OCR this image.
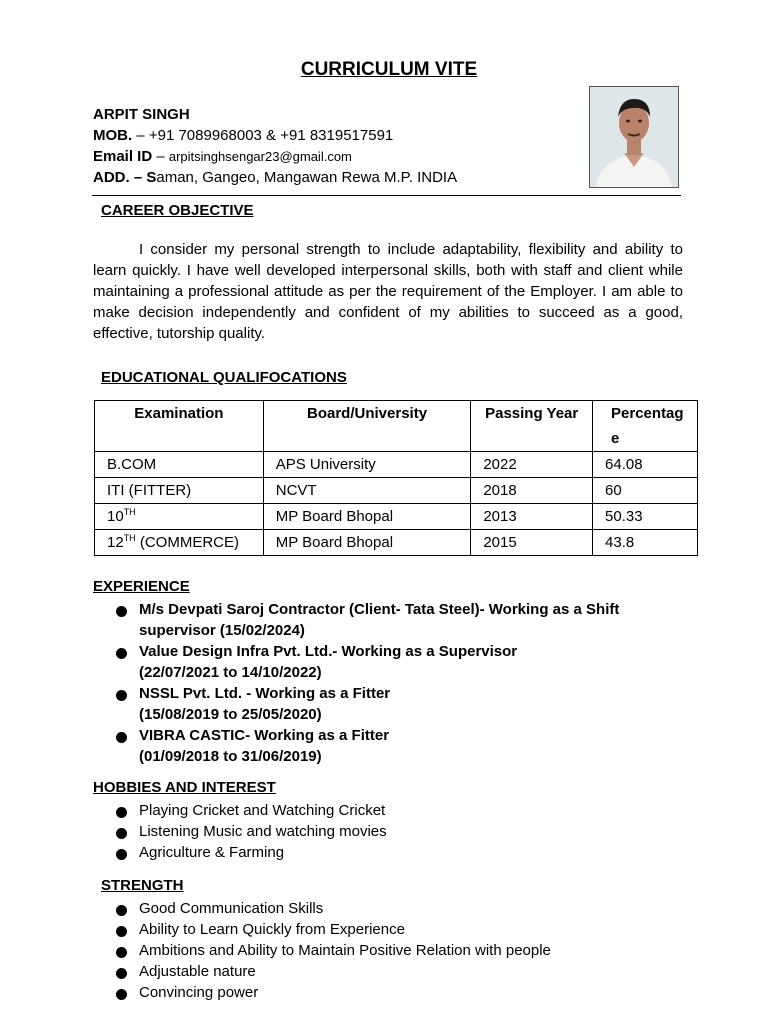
CURRICULUM VITE
ARPIT SINGH
MOB. – +91 7089968003 & +91 8319517591
Email ID – arpitsinghsengar23@gmail.com
ADD. – Saman, Gangeo, Mangawan Rewa M.P. INDIA
CAREER OBJECTIVE
I consider my personal strength to include adaptability, flexibility and ability to learn quickly. I have well developed interpersonal skills, both with staff and client while maintaining a professional attitude as per the requirement of the Employer. I am able to make decision independently and confident of my abilities to succeed as a good, effective, tutorship quality.
EDUCATIONAL QUALIFOCATIONS
Examination	Board/University	Passing Year	Percentage

B.COM	APS University	2022	64.08
ITI (FITTER)	NCVT	2018	60
10TH	MP Board Bhopal	2013	50.33
12TH (COMMERCE)	MP Board Bhopal	2015	43.8
EXPERIENCE
M/s Devpati Saroj Contractor (Client- Tata Steel)- Working as a Shift
supervisor (15/02/2024)
Value Design Infra Pvt. Ltd.- Working as a Supervisor
(22/07/2021 to 14/10/2022)
NSSL Pvt. Ltd. - Working as a Fitter
(15/08/2019 to 25/05/2020)
VIBRA CASTIC- Working as a Fitter
(01/09/2018 to 31/06/2019)
HOBBIES AND INTEREST
Playing Cricket and Watching Cricket
Listening Music and watching movies
Agriculture & Farming
STRENGTH
Good Communication Skills
Ability to Learn Quickly from Experience
Ambitions and Ability to Maintain Positive Relation with people
Adjustable nature
Convincing power
